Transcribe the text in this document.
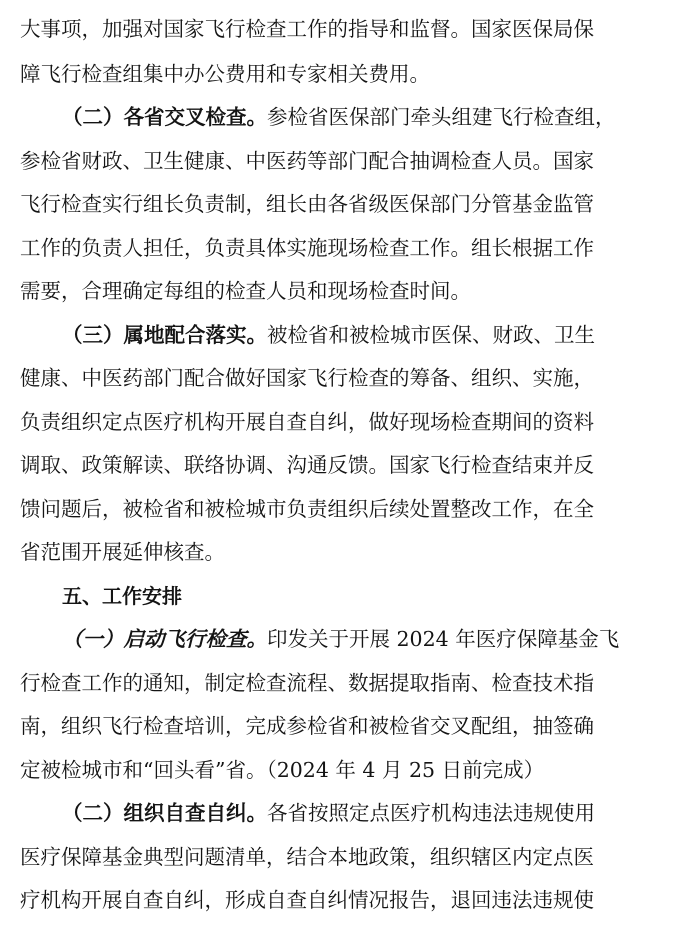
大事项，加强对国家飞行检查工作的指导和监督。国家医保局保
障飞行检查组集中办公费用和专家相关费用。
（二）各省交叉检查。参检省医保部门牵头组建飞行检查组，
参检省财政、卫生健康、中医药等部门配合抽调检查人员。国家
飞行检查实行组长负责制，组长由各省级医保部门分管基金监管
工作的负责人担任，负责具体实施现场检查工作。组长根据工作
需要，合理确定每组的检查人员和现场检查时间。
（三）属地配合落实。被检省和被检城市医保、财政、卫生
健康、中医药部门配合做好国家飞行检查的筹备、组织、实施，
负责组织定点医疗机构开展自查自纠，做好现场检查期间的资料
调取、政策解读、联络协调、沟通反馈。国家飞行检查结束并反
馈问题后，被检省和被检城市负责组织后续处置整改工作，在全
省范围开展延伸核查。
五、工作安排
（一）启动飞行检查。印发关于开展 2024 年医疗保障基金飞
行检查工作的通知，制定检查流程、数据提取指南、检查技术指
南，组织飞行检查培训，完成参检省和被检省交叉配组，抽签确
定被检城市和“回头看”省。（2024 年 4 月 25 日前完成）
（二）组织自查自纠。各省按照定点医疗机构违法违规使用
医疗保障基金典型问题清单，结合本地政策，组织辖区内定点医
疗机构开展自查自纠，形成自查自纠情况报告，退回违法违规使
